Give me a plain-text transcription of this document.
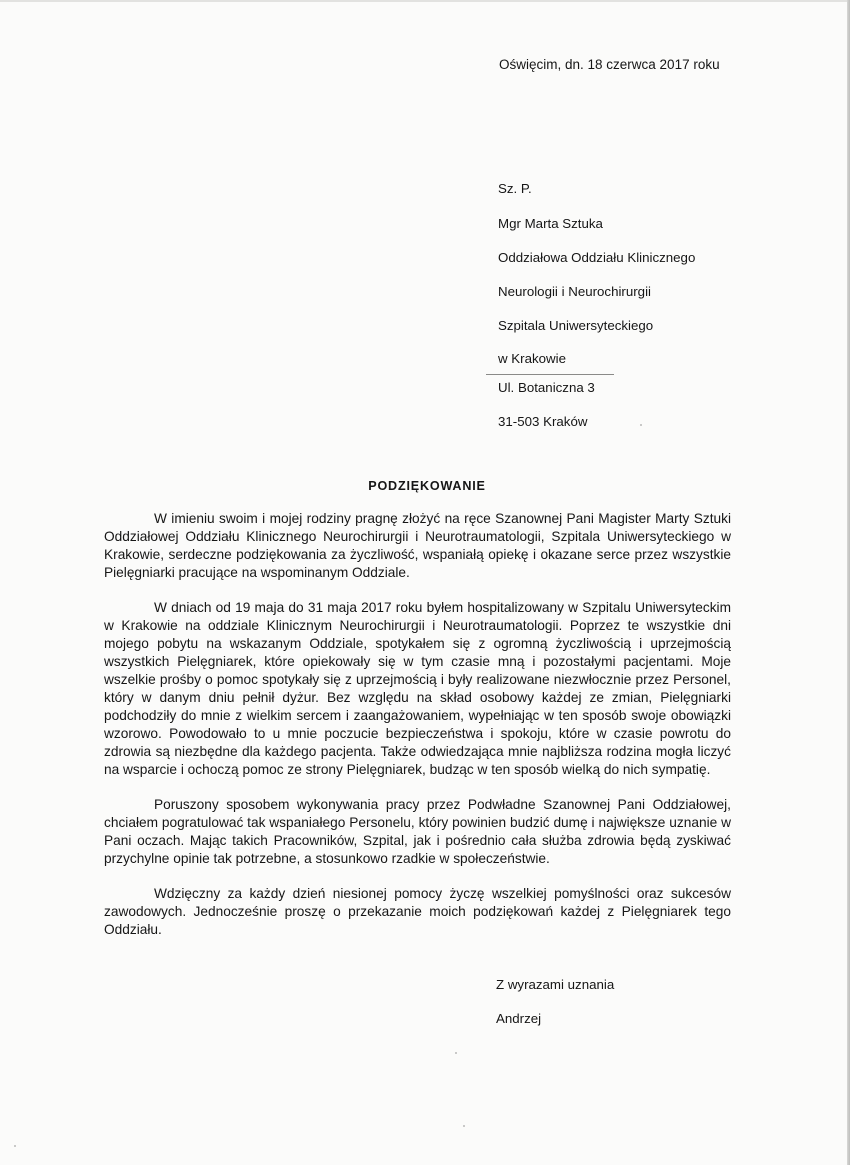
Oświęcim, dn. 18 czerwca 2017 roku
Sz. P.
Mgr Marta Sztuka
Oddziałowa Oddziału Klinicznego
Neurologii i Neurochirurgii
Szpitala Uniwersyteckiego
w Krakowie
Ul. Botaniczna 3
31-503 Kraków
PODZIĘKOWANIE

W imieniu swoim i mojej rodziny pragnę złożyć na ręce Szanownej Pani Magister Marty Sztuki Oddziałowej Oddziału Klinicznego Neurochirurgii i Neurotraumatologii, Szpitala Uniwersyteckiego w Krakowie, serdeczne podziękowania za życzliwość, wspaniałą opiekę i okazane serce przez wszystkie Pielęgniarki pracujące na wspominanym Oddziale.

W dniach od 19 maja do 31 maja 2017 roku byłem hospitalizowany w Szpitalu Uniwersyteckim w Krakowie na oddziale Klinicznym Neurochirurgii i Neurotraumatologii. Poprzez te wszystkie dni mojego pobytu na wskazanym Oddziale, spotykałem się z ogromną życzliwością i uprzejmością wszystkich Pielęgniarek, które opiekowały się w tym czasie mną i pozostałymi pacjentami. Moje wszelkie prośby o pomoc spotykały się z uprzejmością i były realizowane niezwłocznie przez Personel, który w danym dniu pełnił dyżur. Bez względu na skład osobowy każdej ze zmian, Pielęgniarki podchodziły do mnie z wielkim sercem i zaangażowaniem, wypełniając w ten sposób swoje obowiązki wzorowo. Powodowało to u mnie poczucie bezpieczeństwa i spokoju, które w czasie powrotu do zdrowia są niezbędne dla każdego pacjenta. Także odwiedzająca mnie najbliższa rodzina mogła liczyć na wsparcie i ochoczą pomoc ze strony Pielęgniarek, budząc w ten sposób wielką do nich sympatię.

Poruszony sposobem wykonywania pracy przez Podwładne Szanownej Pani Oddziałowej, chciałem pogratulować tak wspaniałego Personelu, który powinien budzić dumę i największe uznanie w Pani oczach. Mając takich Pracowników, Szpital, jak i pośrednio cała służba zdrowia będą zyskiwać przychylne opinie tak potrzebne, a stosunkowo rzadkie w społeczeństwie.

Wdzięczny za każdy dzień niesionej pomocy życzę wszelkiej pomyślności oraz sukcesów zawodowych. Jednocześnie proszę o przekazanie moich podziękowań każdej z Pielęgniarek tego Oddziału.

Z wyrazami uznania
Andrzej
